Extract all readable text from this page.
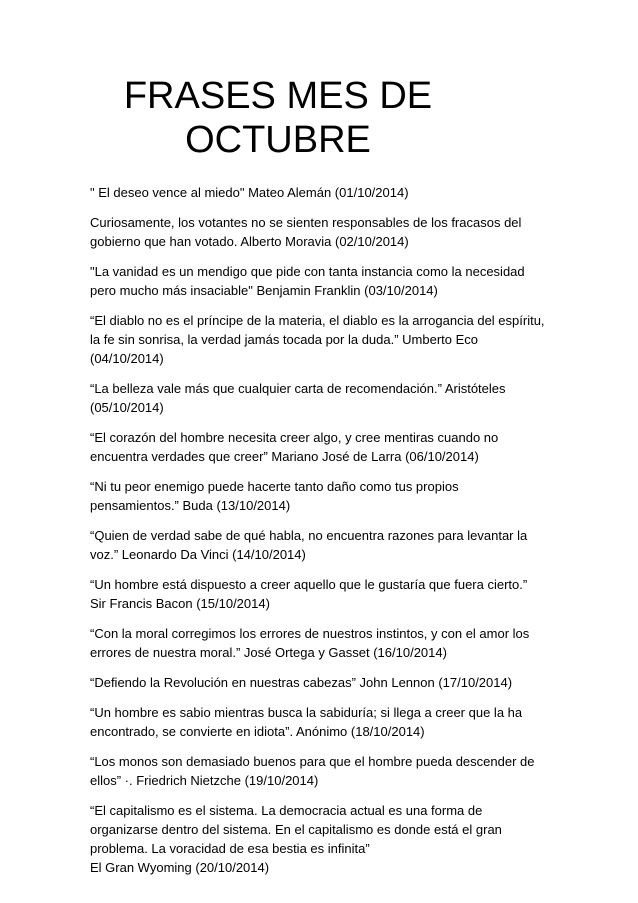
FRASES MES DE OCTUBRE
" El deseo vence al miedo" Mateo Alemán (01/10/2014)
Curiosamente, los votantes no se sienten responsables de los fracasos del gobierno que han votado. Alberto Moravia (02/10/2014)
"La vanidad es un mendigo que pide con tanta instancia como la necesidad pero mucho más insaciable" Benjamin Franklin (03/10/2014)
“El diablo no es el príncipe de la materia, el diablo es la arrogancia del espíritu, la fe sin sonrisa, la verdad jamás tocada por la duda.” Umberto Eco (04/10/2014)
“La belleza vale más que cualquier carta de recomendación.” Aristóteles (05/10/2014)
“El corazón del hombre necesita creer algo, y cree mentiras cuando no encuentra verdades que creer” Mariano José de Larra (06/10/2014)
“Ni tu peor enemigo puede hacerte tanto daño como tus propios pensamientos.” Buda (13/10/2014)
“Quien de verdad sabe de qué habla, no encuentra razones para levantar la voz.” Leonardo Da Vinci (14/10/2014)
“Un hombre está dispuesto a creer aquello que le gustaría que fuera cierto.”
Sir Francis Bacon (15/10/2014)
“Con la moral corregimos los errores de nuestros instintos, y con el amor los errores de nuestra moral.” José Ortega y Gasset (16/10/2014)
“Defiendo la Revolución en nuestras cabezas” John Lennon (17/10/2014)
“Un hombre es sabio mientras busca la sabiduría; si llega a creer que la ha encontrado, se convierte en idiota”. Anónimo (18/10/2014)
“Los monos son demasiado buenos para que el hombre pueda descender de ellos” ·. Friedrich Nietzche (19/10/2014)
“El capitalismo es el sistema. La democracia actual es una forma de organizarse dentro del sistema. En el capitalismo es donde está el gran problema. La voracidad de esa bestia es infinita”
El Gran Wyoming (20/10/2014)
